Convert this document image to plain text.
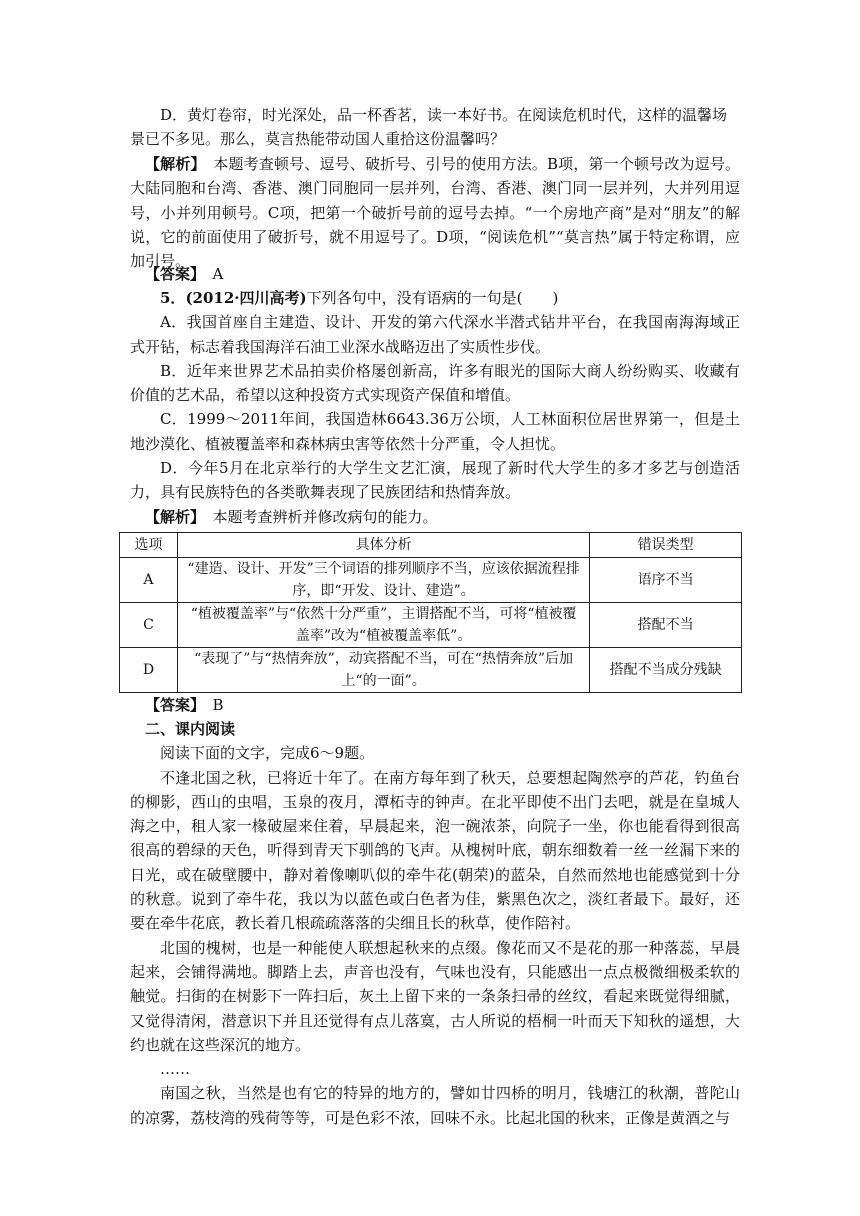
D．黄灯卷帘，时光深处，品一杯香茗，读一本好书。在阅读危机时代，这样的温馨场

景已不多见。那么，莫言热能带动国人重拾这份温馨吗？

【解析】　本题考查顿号、逗号、破折号、引号的使用方法。B项，第一个顿号改为逗号。大陆同胞和台湾、香港、澳门同胞同一层并列，台湾、香港、澳门同一层并列，大并列用逗号，小并列用顿号。C项，把第一个破折号前的逗号去掉。“一个房地产商”是对“朋友”的解说，它的前面使用了破折号，就不用逗号了。D项，“阅读危机”“莫言热”属于特定称谓，应加引号。

【答案】　A

5．(2012·四川高考)下列各句中，没有语病的一句是(　　)

A．我国首座自主建造、设计、开发的第六代深水半潜式钻井平台，在我国南海海域正式开钻，标志着我国海洋石油工业深水战略迈出了实质性步伐。

B．近年来世界艺术品拍卖价格屡创新高，许多有眼光的国际大商人纷纷购买、收藏有价值的艺术品，希望以这种投资方式实现资产保值和增值。

C．1999～2011年间，我国造林6643.36万公顷，人工林面积位居世界第一，但是土地沙漠化、植被覆盖率和森林病虫害等依然十分严重，令人担忧。

D．今年5月在北京举行的大学生文艺汇演，展现了新时代大学生的多才多艺与创造活力，具有民族特色的各类歌舞表现了民族团结和热情奔放。

【解析】　本题考查辨析并修改病句的能力。

选项	具体分析	错误类型
A	“建造、设计、开发”三个词语的排列顺序不当，应该依据流程排序，即“开发、设计、建造”。	语序不当
C	“植被覆盖率”与“依然十分严重”，主谓搭配不当，可将“植被覆盖率”改为“植被覆盖率低”。	搭配不当
D	“表现了”与“热情奔放”，动宾搭配不当，可在“热情奔放”后加上“的一面”。	搭配不当成分残缺

【答案】　B

二、课内阅读

阅读下面的文字，完成6～9题。

不逢北国之秋，已将近十年了。在南方每年到了秋天，总要想起陶然亭的芦花，钓鱼台的柳影，西山的虫唱，玉泉的夜月，潭柘寺的钟声。在北平即使不出门去吧，就是在皇城人海之中，租人家一椽破屋来住着，早晨起来，泡一碗浓茶，向院子一坐，你也能看得到很高很高的碧绿的天色，听得到青天下驯鸽的飞声。从槐树叶底，朝东细数着一丝一丝漏下来的日光，或在破壁腰中，静对着像喇叭似的牵牛花(朝荣)的蓝朵，自然而然地也能感觉到十分的秋意。说到了牵牛花，我以为以蓝色或白色者为佳，紫黑色次之，淡红者最下。最好，还要在牵牛花底，教长着几根疏疏落落的尖细且长的秋草，使作陪衬。

北国的槐树，也是一种能使人联想起秋来的点缀。像花而又不是花的那一种落蕊，早晨起来，会铺得满地。脚踏上去，声音也没有，气味也没有，只能感出一点点极微细极柔软的触觉。扫街的在树影下一阵扫后，灰土上留下来的一条条扫帚的丝纹，看起来既觉得细腻，又觉得清闲，潜意识下并且还觉得有点儿落寞，古人所说的梧桐一叶而天下知秋的遥想，大约也就在这些深沉的地方。

……

南国之秋，当然是也有它的特异的地方的，譬如廿四桥的明月，钱塘江的秋潮，普陀山的凉雾，荔枝湾的残荷等等，可是色彩不浓，回味不永。比起北国的秋来，正像是黄酒之与
